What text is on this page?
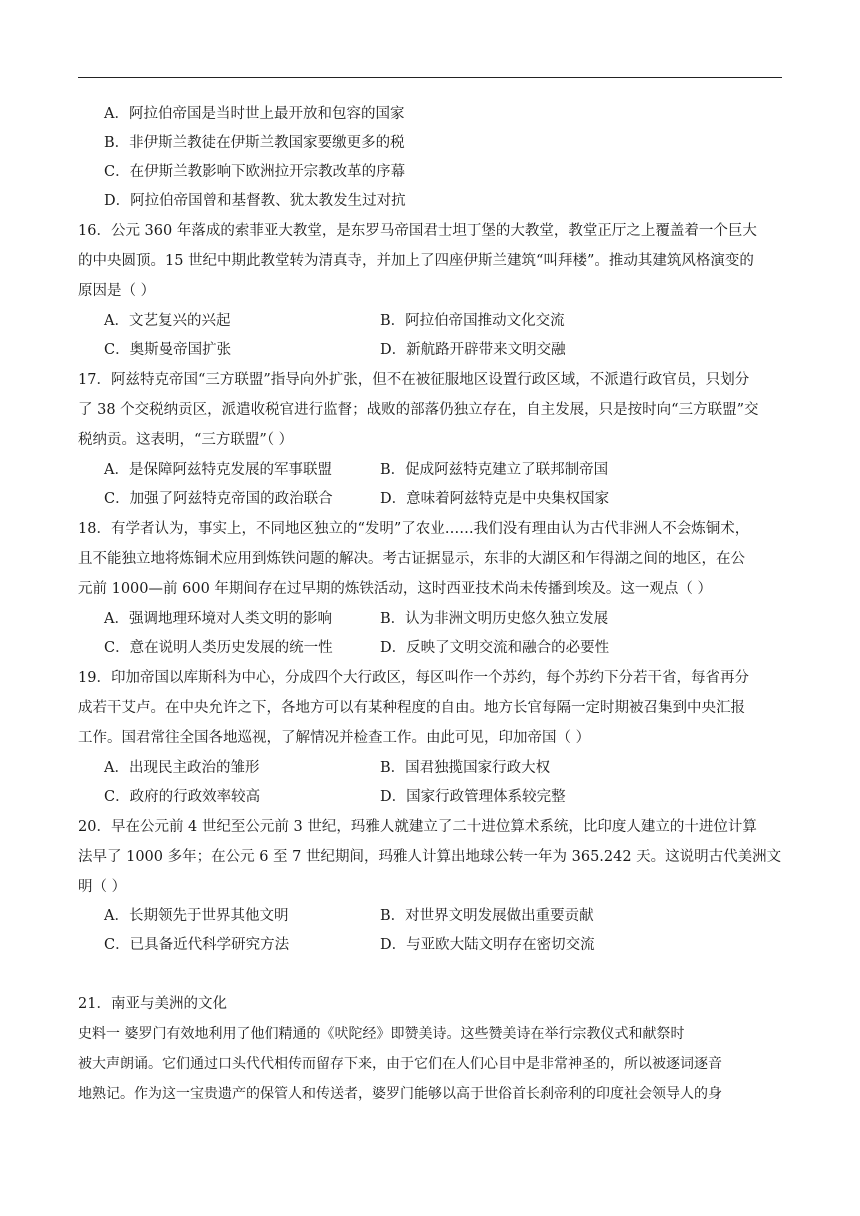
A．阿拉伯帝国是当时世上最开放和包容的国家
B．非伊斯兰教徒在伊斯兰教国家要缴更多的税
C．在伊斯兰教影响下欧洲拉开宗教改革的序幕
D．阿拉伯帝国曾和基督教、犹太教发生过对抗
16．公元 360 年落成的索菲亚大教堂，是东罗马帝国君士坦丁堡的大教堂，教堂正厅之上覆盖着一个巨大
的中央圆顶。15 世纪中期此教堂转为清真寺，并加上了四座伊斯兰建筑“叫拜楼”。推动其建筑风格演变的
原因是（ ）
A．文艺复兴的兴起	B．阿拉伯帝国推动文化交流
C．奥斯曼帝国扩张	D．新航路开辟带来文明交融
17．阿兹特克帝国“三方联盟”指导向外扩张，但不在被征服地区设置行政区域，不派遣行政官员，只划分
了 38 个交税纳贡区，派遣收税官进行监督；战败的部落仍独立存在，自主发展，只是按时向“三方联盟”交
税纳贡。这表明，“三方联盟”（ ）
A．是保障阿兹特克发展的军事联盟	B．促成阿兹特克建立了联邦制帝国
C．加强了阿兹特克帝国的政治联合	D．意味着阿兹特克是中央集权国家
18．有学者认为，事实上，不同地区独立的“发明”了农业……我们没有理由认为古代非洲人不会炼铜术，
且不能独立地将炼铜术应用到炼铁问题的解决。考古证据显示，东非的大湖区和乍得湖之间的地区，在公
元前 1000—前 600 年期间存在过早期的炼铁活动，这时西亚技术尚未传播到埃及。这一观点（ ）
A．强调地理环境对人类文明的影响	B．认为非洲文明历史悠久独立发展
C．意在说明人类历史发展的统一性	D．反映了文明交流和融合的必要性
19．印加帝国以库斯科为中心，分成四个大行政区，每区叫作一个苏约，每个苏约下分若干省，每省再分
成若干艾卢。在中央允许之下，各地方可以有某种程度的自由。地方长官每隔一定时期被召集到中央汇报
工作。国君常往全国各地巡视，了解情况并检查工作。由此可见，印加帝国（ ）
A．出现民主政治的雏形	B．国君独揽国家行政大权
C．政府的行政效率较高	D．国家行政管理体系较完整
20．早在公元前 4 世纪至公元前 3 世纪，玛雅人就建立了二十进位算术系统，比印度人建立的十进位计算
法早了 1000 多年；在公元 6 至 7 世纪期间，玛雅人计算出地球公转一年为 365.242 天。这说明古代美洲文
明（ ）
A．长期领先于世界其他文明	B．对世界文明发展做出重要贡献
C．已具备近代科学研究方法	D．与亚欧大陆文明存在密切交流
21．南亚与美洲的文化
史料一 婆罗门有效地利用了他们精通的《吠陀经》即赞美诗。这些赞美诗在举行宗教仪式和献祭时
被大声朗诵。它们通过口头代代相传而留存下来，由于它们在人们心目中是非常神圣的，所以被逐词逐音
地熟记。作为这一宝贵遗产的保管人和传送者，婆罗门能够以高于世俗首长刹帝利的印度社会领导人的身
